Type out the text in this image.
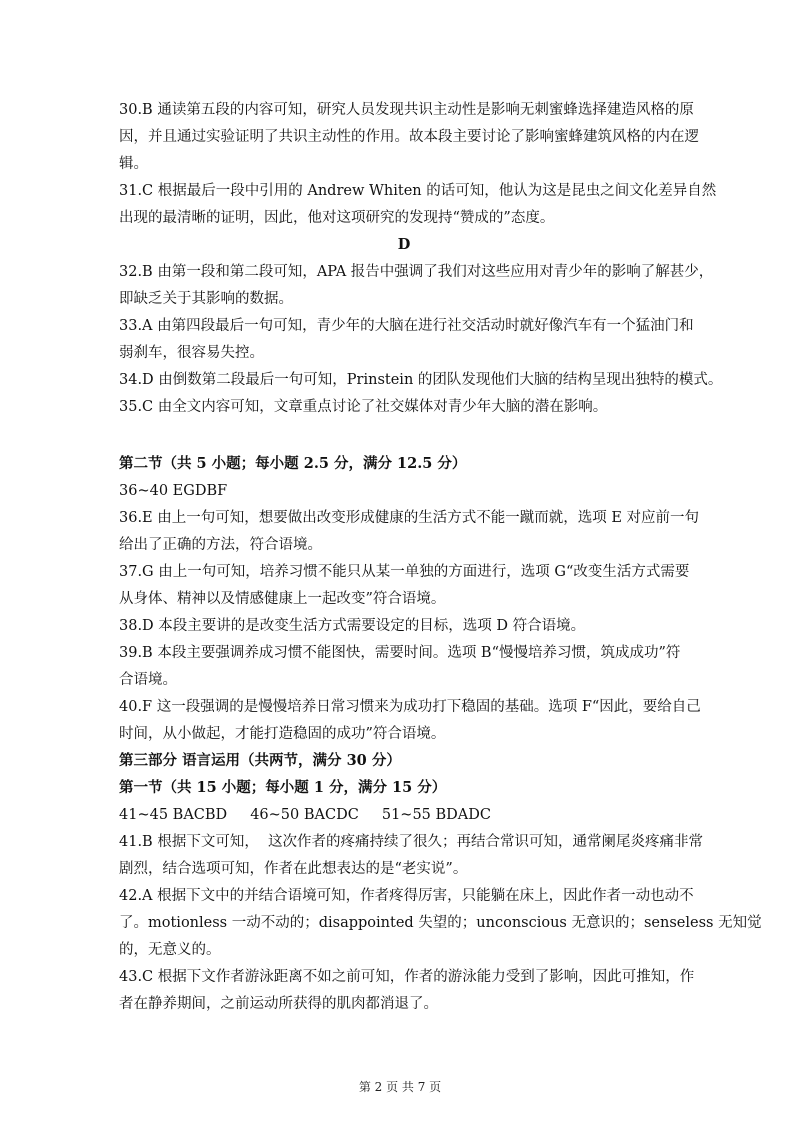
30.B 通读第五段的内容可知，研究人员发现共识主动性是影响无刺蜜蜂选择建造风格的原
因，并且通过实验证明了共识主动性的作用。故本段主要讨论了影响蜜蜂建筑风格的内在逻
辑。
31.C 根据最后一段中引用的 Andrew Whiten 的话可知，他认为这是昆虫之间文化差异自然
出现的最清晰的证明，因此，他对这项研究的发现持“赞成的”态度。
D
32.B 由第一段和第二段可知，APA 报告中强调了我们对这些应用对青少年的影响了解甚少，
即缺乏关于其影响的数据。
33.A 由第四段最后一句可知，青少年的大脑在进行社交活动时就好像汽车有一个猛油门和
弱刹车，很容易失控。
34.D 由倒数第二段最后一句可知，Prinstein 的团队发现他们大脑的结构呈现出独特的模式。
35.C 由全文内容可知，文章重点讨论了社交媒体对青少年大脑的潜在影响。
第二节（共 5 小题；每小题 2.5 分，满分 12.5 分）
36~40 EGDBF
36.E 由上一句可知，想要做出改变形成健康的生活方式不能一蹴而就，选项 E 对应前一句
给出了正确的方法，符合语境。
37.G 由上一句可知，培养习惯不能只从某一单独的方面进行，选项 G“改变生活方式需要
从身体、精神以及情感健康上一起改变”符合语境。
38.D 本段主要讲的是改变生活方式需要设定的目标，选项 D 符合语境。
39.B 本段主要强调养成习惯不能图快，需要时间。选项 B“慢慢培养习惯，筑成成功”符
合语境。
40.F 这一段强调的是慢慢培养日常习惯来为成功打下稳固的基础。选项 F“因此，要给自己
时间，从小做起，才能打造稳固的成功”符合语境。
第三部分 语言运用（共两节，满分 30 分）
第一节（共 15 小题；每小题 1 分，满分 15 分）
41~45 BACBD     46~50 BACDC     51~55 BDADC
41.B 根据下文可知，  这次作者的疼痛持续了很久；再结合常识可知，通常阑尾炎疼痛非常
剧烈，结合选项可知，作者在此想表达的是“老实说”。
42.A 根据下文中的并结合语境可知，作者疼得厉害，只能躺在床上，因此作者一动也动不
了。motionless 一动不动的；disappointed 失望的；unconscious 无意识的；senseless 无知觉
的，无意义的。
43.C 根据下文作者游泳距离不如之前可知，作者的游泳能力受到了影响，因此可推知，作
者在静养期间，之前运动所获得的肌肉都消退了。
第 2 页 共 7 页
